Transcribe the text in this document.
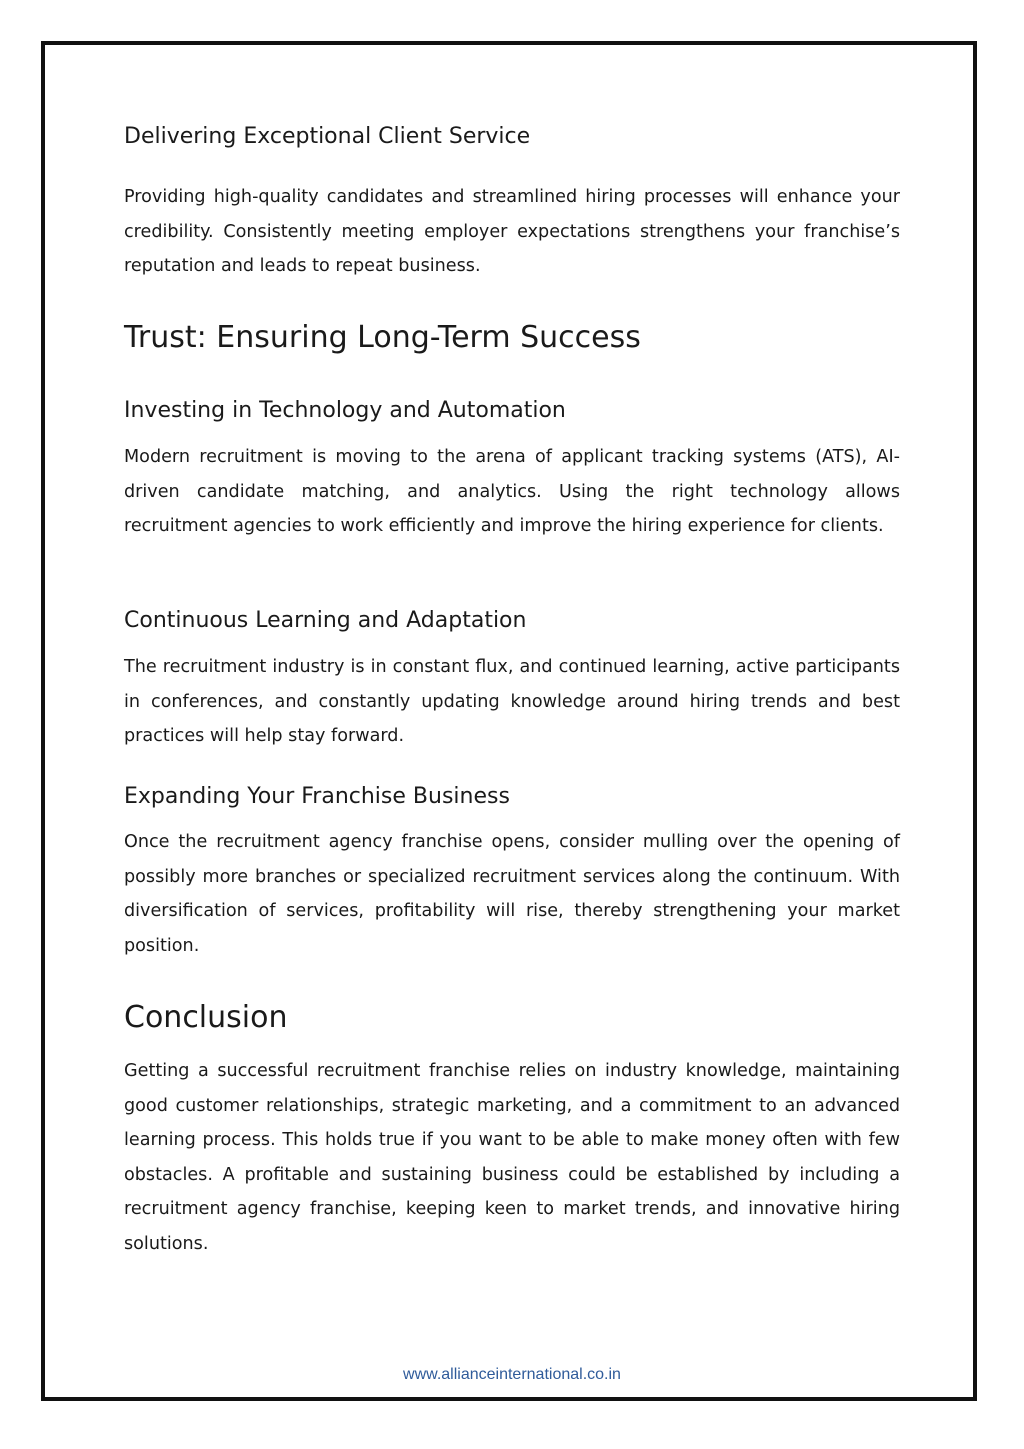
Delivering Exceptional Client Service

Providing high-quality candidates and streamlined hiring processes will enhance your credibility. Consistently meeting employer expectations strengthens your franchise’s reputation and leads to repeat business.

Trust: Ensuring Long-Term Success
Investing in Technology and Automation

Modern recruitment is moving to the arena of applicant tracking systems (ATS), AI-driven candidate matching, and analytics. Using the right technology allows recruitment agencies to work efficiently and improve the hiring experience for clients.

Continuous Learning and Adaptation

The recruitment industry is in constant flux, and continued learning, active participants in conferences, and constantly updating knowledge around hiring trends and best practices will help stay forward.

Expanding Your Franchise Business

Once the recruitment agency franchise opens, consider mulling over the opening of possibly more branches or specialized recruitment services along the continuum. With diversification of services, profitability will rise, thereby strengthening your market position.

Conclusion

Getting a successful recruitment franchise relies on industry knowledge, maintaining good customer relationships, strategic marketing, and a commitment to an advanced learning process. This holds true if you want to be able to make money often with few obstacles. A profitable and sustaining business could be established by including a recruitment agency franchise, keeping keen to market trends, and innovative hiring solutions.

www.allianceinternational.co.in
